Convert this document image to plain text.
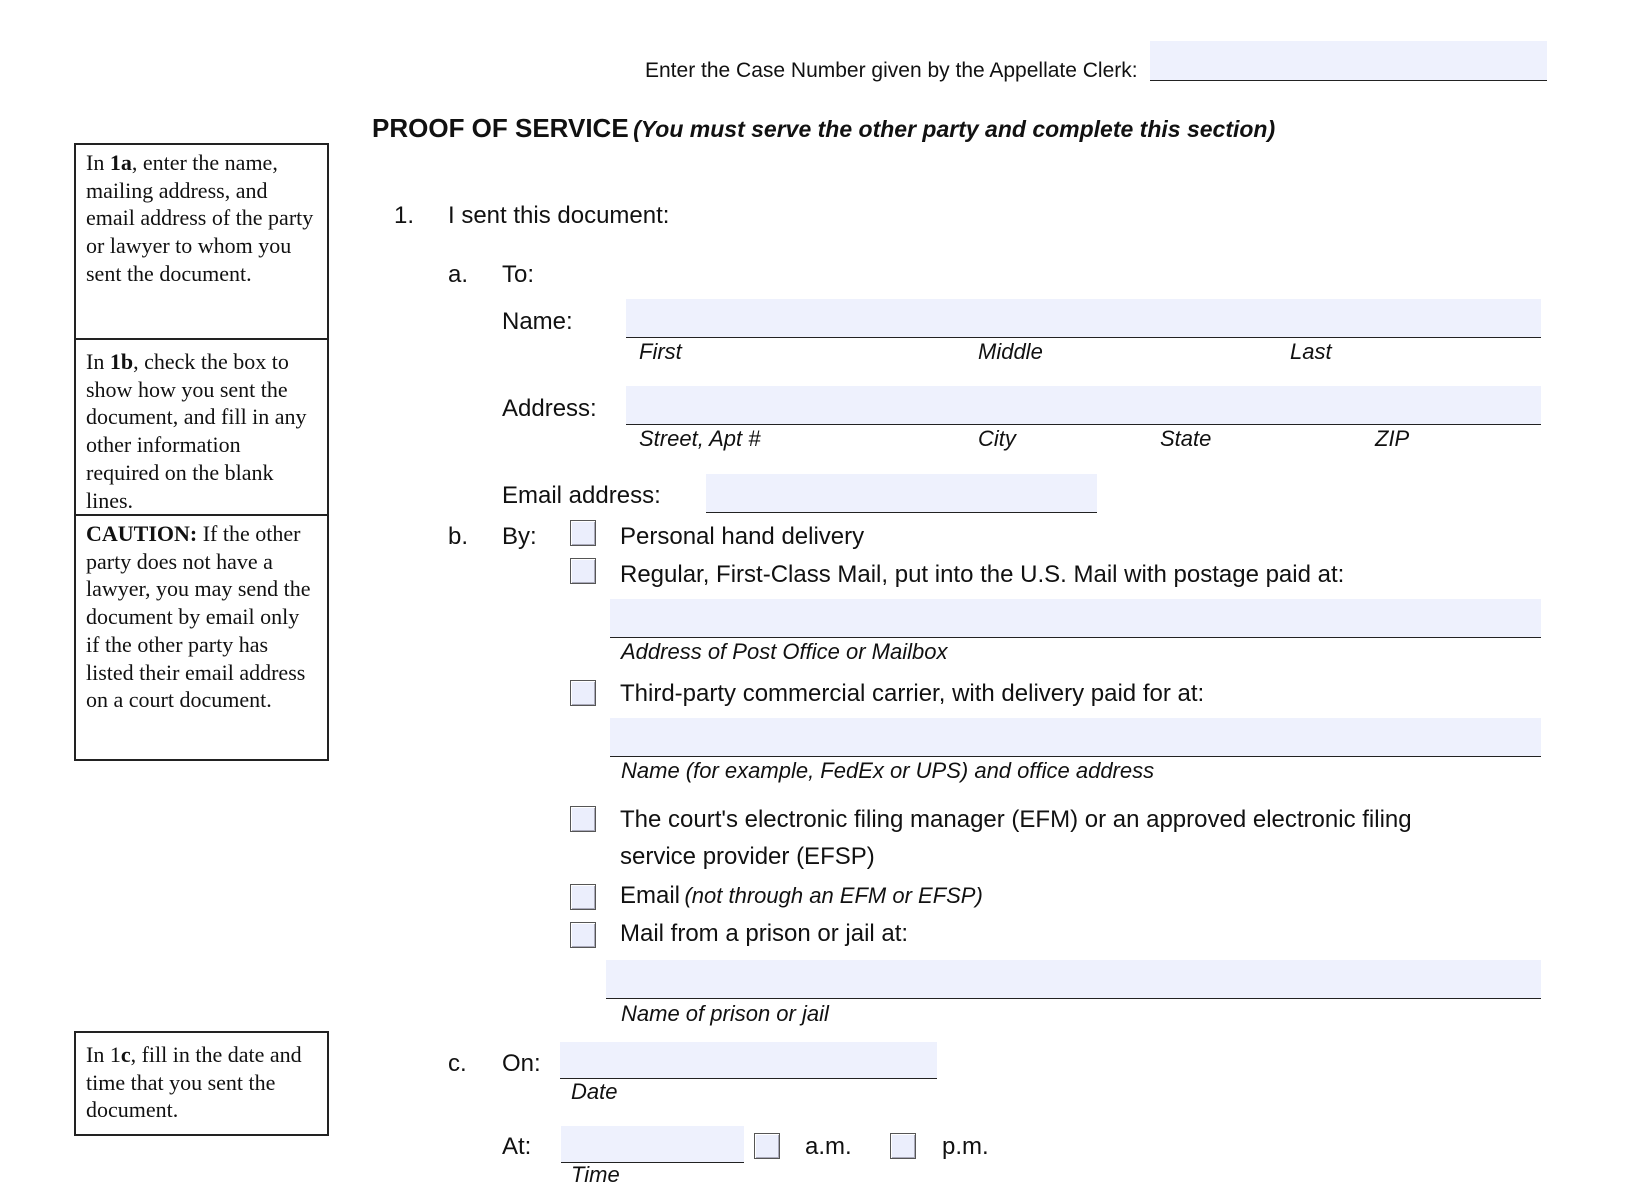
Enter the Case Number given by the Appellate Clerk:
PROOF OF SERVICE (You must serve the other party and complete this section)
In 1a, enter the name, mailing address, and email address of the party or lawyer to whom you sent the document.
In 1b, check the box to show how you sent the document, and fill in any other information required on the blank lines.
CAUTION: If the other party does not have a lawyer, you may send the document by email only if the other party has listed their email address on a court document.
In 1c, fill in the date and time that you sent the document.
1. I sent this document:
a. To:
Name:
First	Middle	Last
Address:
Street, Apt #	City	State	ZIP
Email address:
b. By:	Personal hand delivery
Regular, First-Class Mail, put into the U.S. Mail with postage paid at:
Address of Post Office or Mailbox
Third-party commercial carrier, with delivery paid for at:
Name (for example, FedEx or UPS) and office address
The court's electronic filing manager (EFM) or an approved electronic filing
service provider (EFSP)
Email (not through an EFM or EFSP)
Mail from a prison or jail at:
Name of prison or jail
c. On:
Date
At:
Time
a.m.	p.m.
